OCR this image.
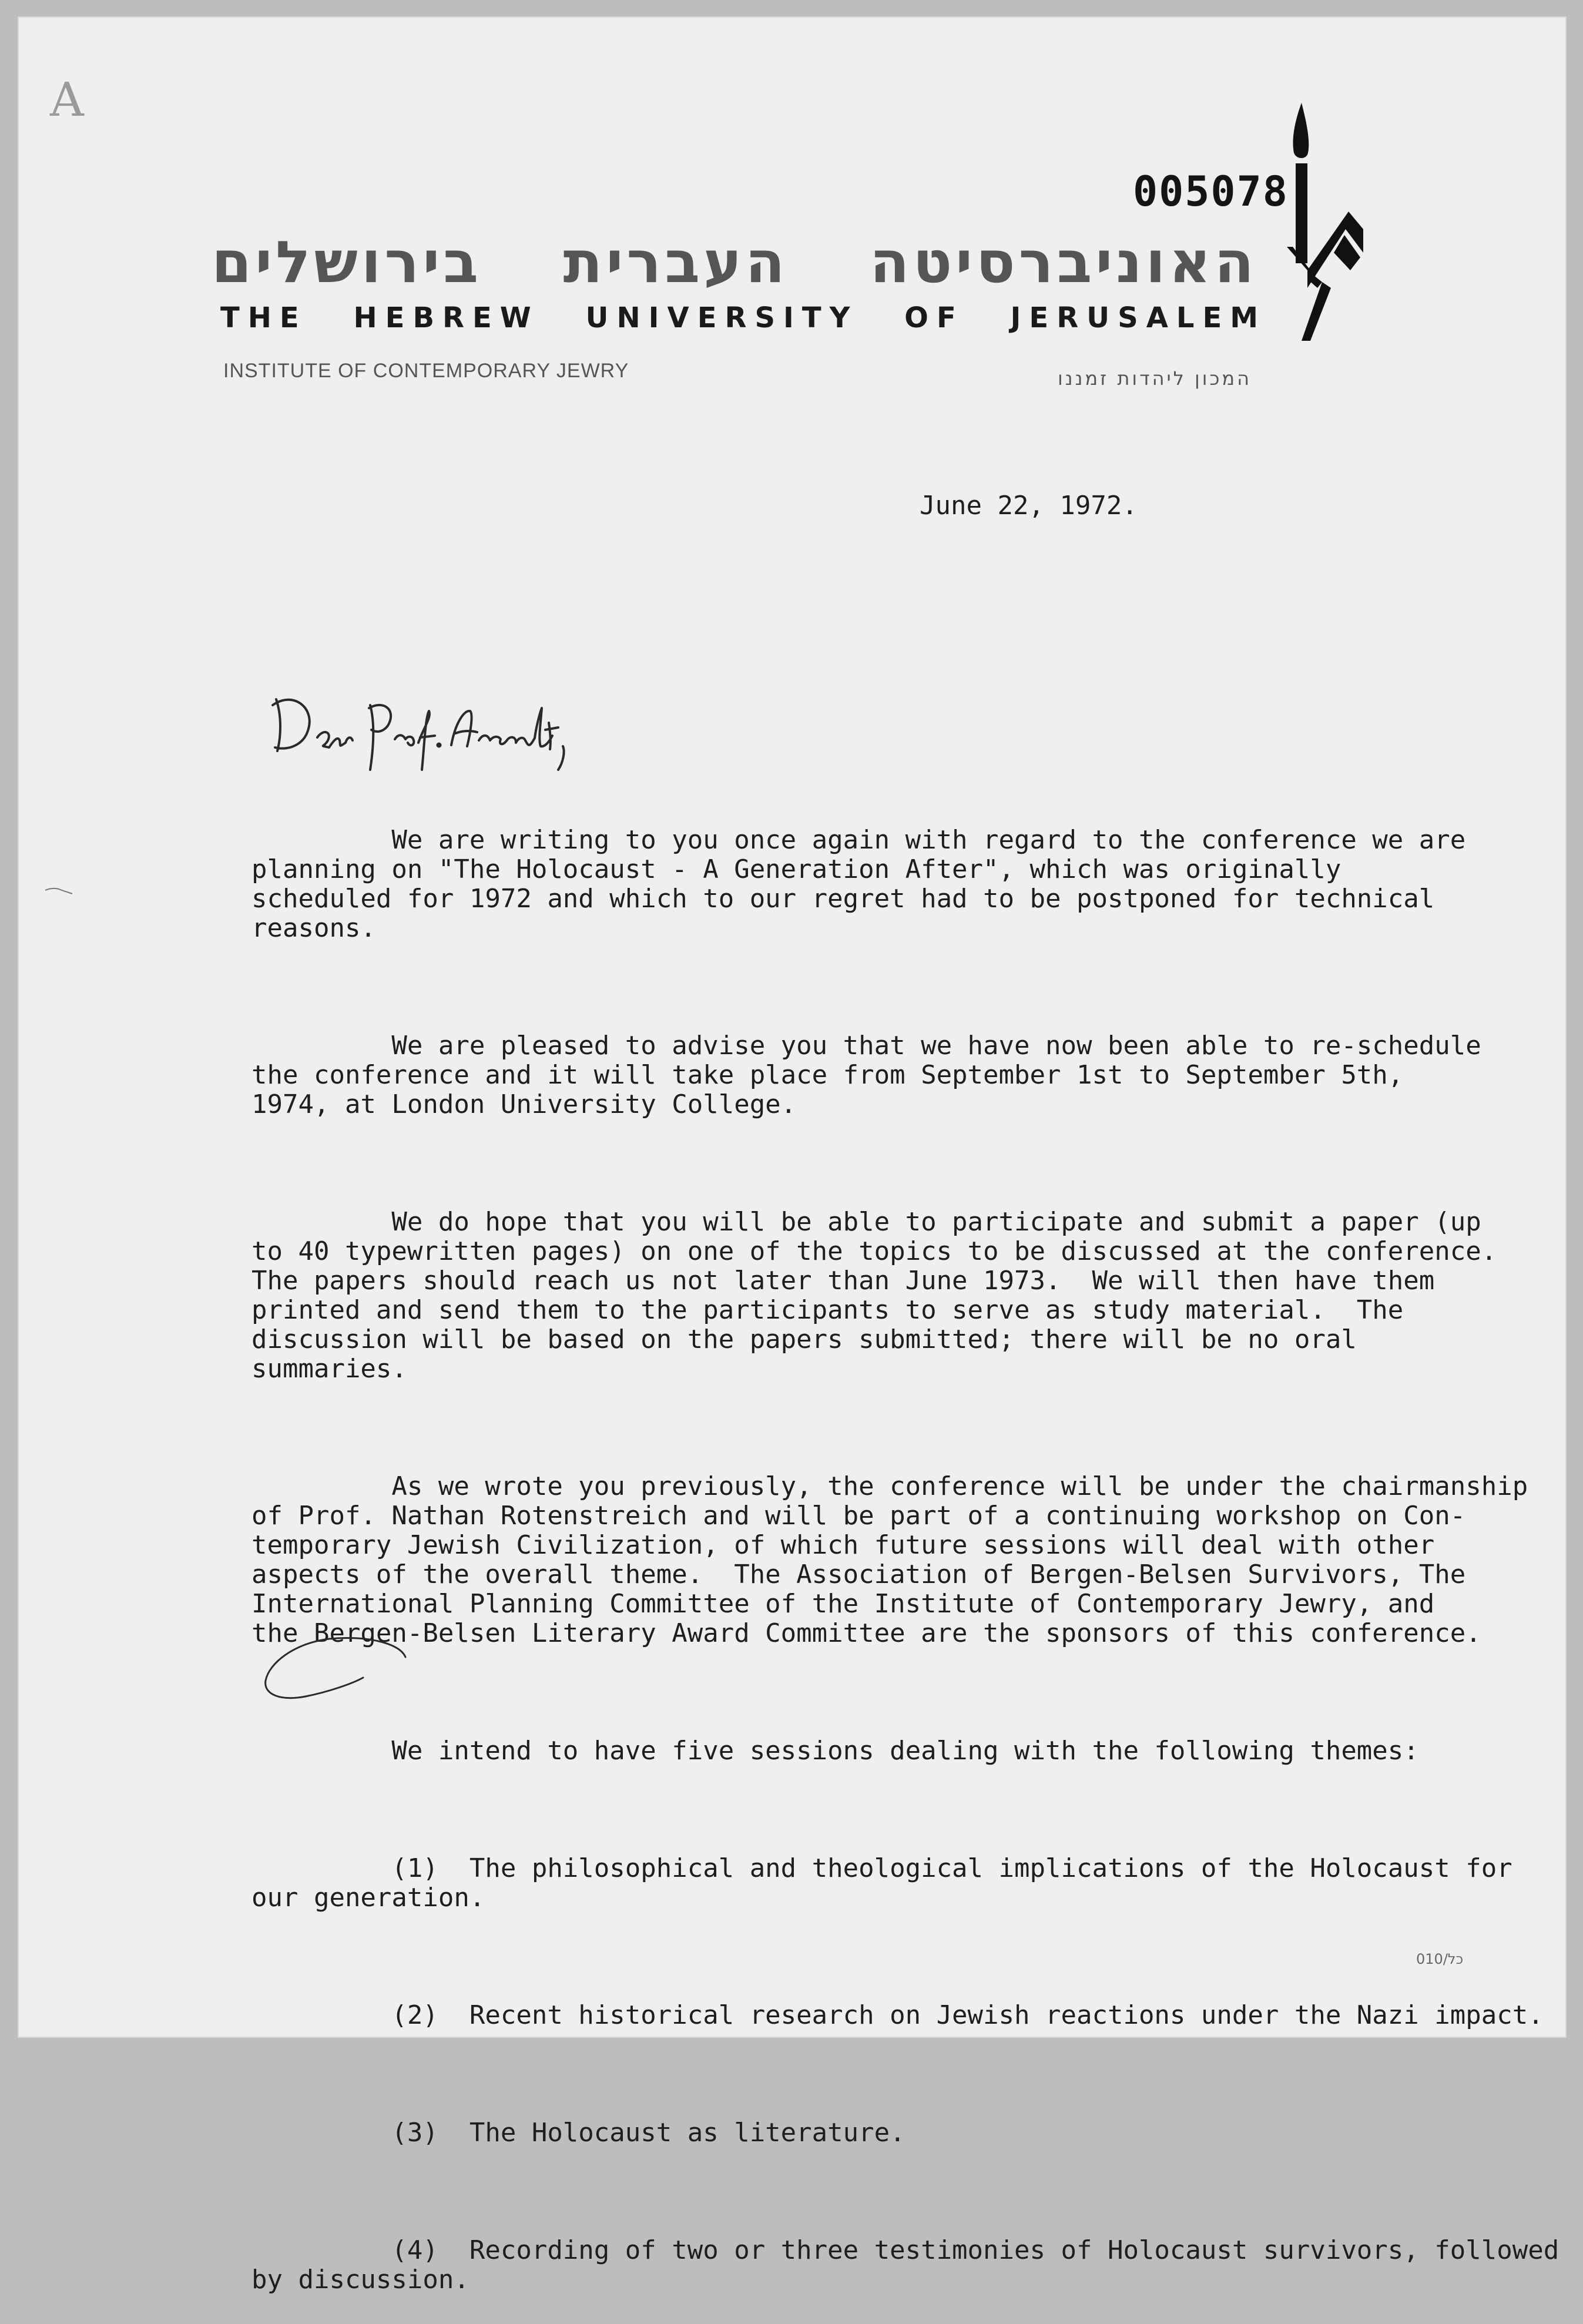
A
005078
האוניברסיטה העברית בירושלים
THE HEBREW UNIVERSITY OF JERUSALEM
INSTITUTE OF CONTEMPORARY JEWRY	המכון ליהדות זמננו
June 22, 1972.

We are writing to you once again with regard to the conference we are
planning on "The Holocaust - A Generation After", which was originally
scheduled for 1972 and which to our regret had to be postponed for technical
reasons.

We are pleased to advise you that we have now been able to re-schedule
the conference and it will take place from September 1st to September 5th,
1974, at London University College.

We do hope that you will be able to participate and submit a paper (up
to 40 typewritten pages) on one of the topics to be discussed at the conference.
The papers should reach us not later than June 1973.  We will then have them
printed and send them to the participants to serve as study material.  The
discussion will be based on the papers submitted; there will be no oral
summaries.

As we wrote you previously, the conference will be under the chairmanship
of Prof. Nathan Rotenstreich and will be part of a continuing workshop on Con-
temporary Jewish Civilization, of which future sessions will deal with other
aspects of the overall theme.  The Association of Bergen-Belsen Survivors, The
International Planning Committee of the Institute of Contemporary Jewry, and
the Bergen-Belsen Literary Award Committee are the sponsors of this conference.

We intend to have five sessions dealing with the following themes:

(1)  The philosophical and theological implications of the Holocaust
our generation.

(2)  Recent historical research on Jewish reactions under the Nazi impact.

(3)  The Holocaust as literature.

(4)  Recording of two or three testimonies of Holocaust survivors, followed
by discussion.

כל/010
